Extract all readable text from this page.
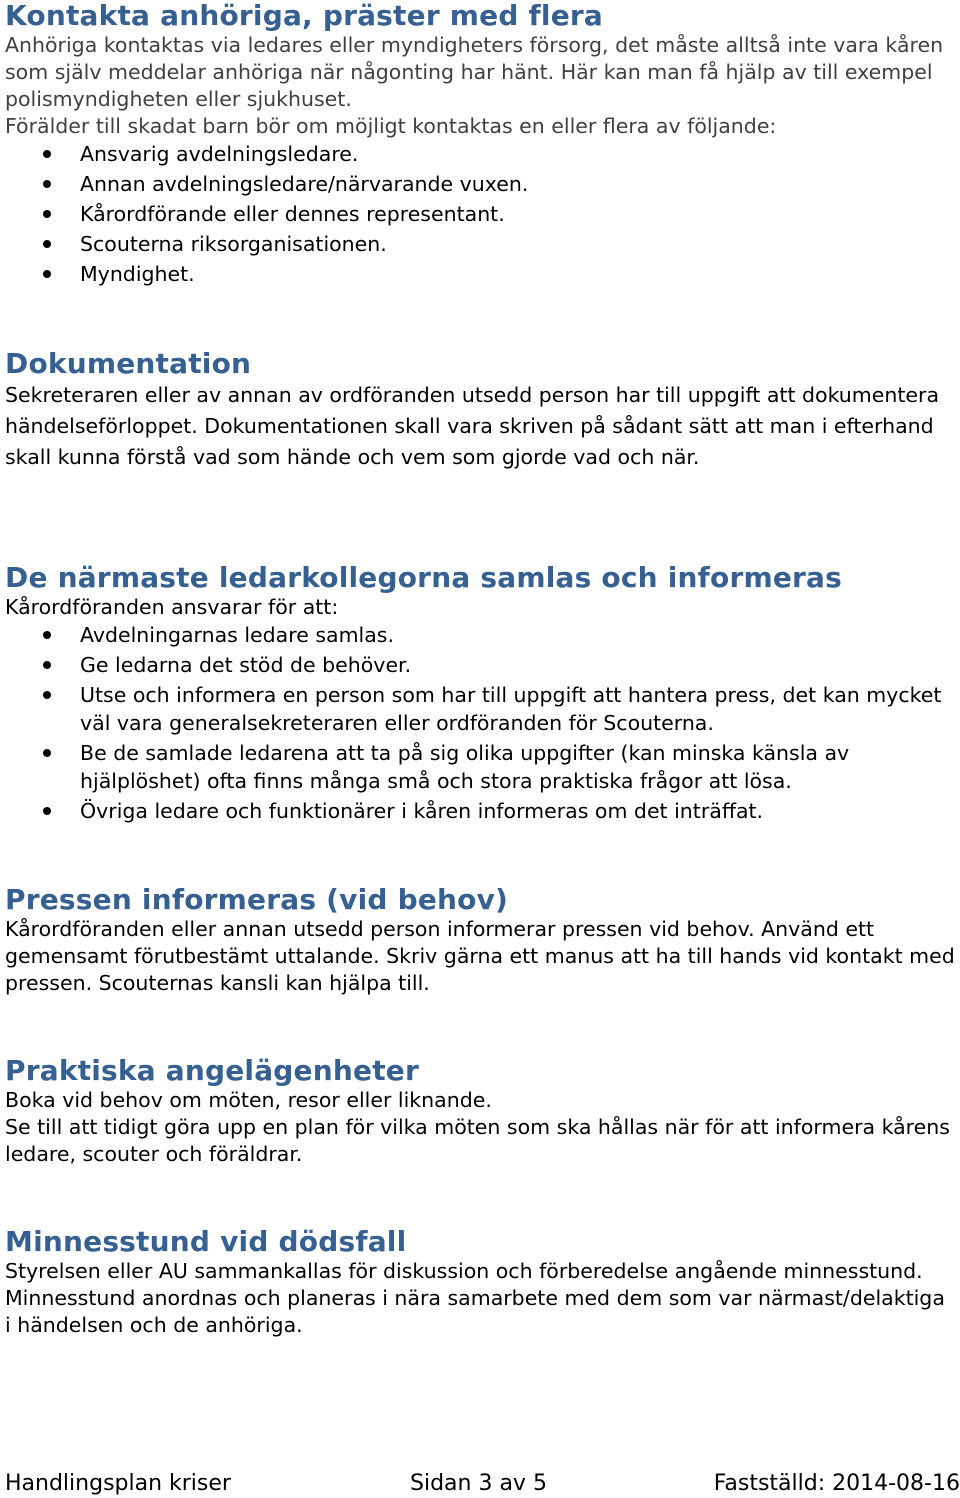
Kontakta anhöriga, präster med flera

Anhöriga kontaktas via ledares eller myndigheters försorg, det måste alltså inte vara kåren som själv meddelar anhöriga när någonting har hänt. Här kan man få hjälp av till exempel polismyndigheten eller sjukhuset.

Förälder till skadat barn bör om möjligt kontaktas en eller flera av följande:

Ansvarig avdelningsledare.
Annan avdelningsledare/närvarande vuxen.
Kårordförande eller dennes representant.
Scouterna riksorganisationen.
Myndighet.
Dokumentation

Sekreteraren eller av annan av ordföranden utsedd person har till uppgift att dokumentera händelseförloppet. Dokumentationen skall vara skriven på sådant sätt att man i efterhand skall kunna förstå vad som hände och vem som gjorde vad och när.

De närmaste ledarkollegorna samlas och informeras

Kårordföranden ansvarar för att:

Avdelningarnas ledare samlas.
Ge ledarna det stöd de behöver.
Utse och informera en person som har till uppgift att hantera press, det kan mycket väl vara generalsekreteraren eller ordföranden för Scouterna.
Be de samlade ledarena att ta på sig olika uppgifter (kan minska känsla av hjälplöshet) ofta finns många små och stora praktiska frågor att lösa.
Övriga ledare och funktionärer i kåren informeras om det inträffat.
Pressen informeras (vid behov)

Kårordföranden eller annan utsedd person informerar pressen vid behov. Använd ett gemensamt förutbestämt uttalande. Skriv gärna ett manus att ha till hands vid kontakt med pressen. Scouternas kansli kan hjälpa till.

Praktiska angelägenheter

Boka vid behov om möten, resor eller liknande.

Se till att tidigt göra upp en plan för vilka möten som ska hållas när för att informera kårens ledare, scouter och föräldrar.

Minnesstund vid dödsfall

Styrelsen eller AU sammankallas för diskussion och förberedelse angående minnesstund.

Minnesstund anordnas och planeras i nära samarbete med dem som var närmast/delaktiga i händelsen och de anhöriga.

Handlingsplan kriser	Sidan 3 av 5	Fastställd: 2014-08-16
